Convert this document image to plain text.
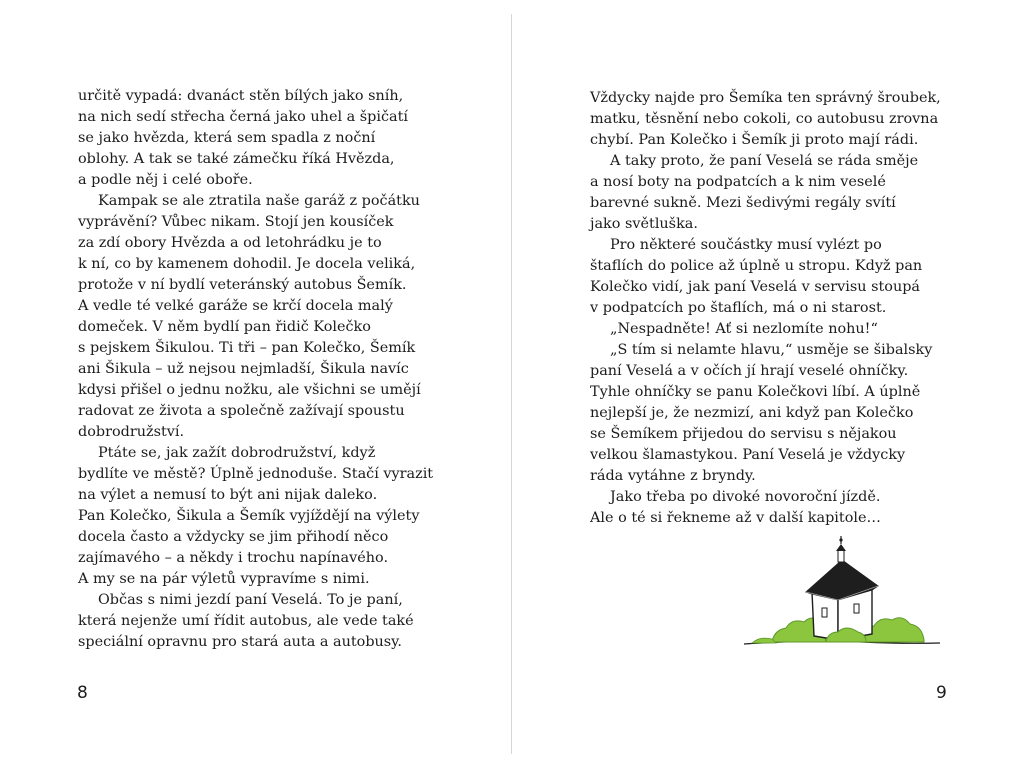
určitě vypadá: dvanáct stěn bílých jako sníh,
na nich sedí střecha černá jako uhel a špičatí
se jako hvězda, která sem spadla z noční
oblohy. A tak se také zámečku říká Hvězda,
a podle něj i celé oboře.
Kampak se ale ztratila naše garáž z počátku
vyprávění? Vůbec nikam. Stojí jen kousíček
za zdí obory Hvězda a od letohrádku je to
k ní, co by kamenem dohodil. Je docela veliká,
protože v ní bydlí veteránský autobus Šemík.
A vedle té velké garáže se krčí docela malý
domeček. V něm bydlí pan řidič Kolečko
s pejskem Šikulou. Ti tři – pan Kolečko, Šemík
ani Šikula – už nejsou nejmladší, Šikula navíc
kdysi přišel o jednu nožku, ale všichni se umějí
radovat ze života a společně zažívají spoustu
dobrodružství.
Ptáte se, jak zažít dobrodružství, když
bydlíte ve městě? Úplně jednoduše. Stačí vyrazit
na výlet a nemusí to být ani nijak daleko.
Pan Kolečko, Šikula a Šemík vyjíždějí na výlety
docela často a vždycky se jim přihodí něco
zajímavého – a někdy i trochu napínavého.
A my se na pár výletů vypravíme s nimi.
Občas s nimi jezdí paní Veselá. To je paní,
která nejenže umí řídit autobus, ale vede také
speciální opravnu pro stará auta a autobusy.
8
Vždycky najde pro Šemíka ten správný šroubek,
matku, těsnění nebo cokoli, co autobusu zrovna
chybí. Pan Kolečko i Šemík ji proto mají rádi.
A taky proto, že paní Veselá se ráda směje
a nosí boty na podpatcích a k nim veselé
barevné sukně. Mezi šedivými regály svítí
jako světluška.
Pro některé součástky musí vylézt po
štaflích do police až úplně u stropu. Když pan
Kolečko vidí, jak paní Veselá v servisu stoupá
v podpatcích po štaflích, má o ni starost.
„Nespadněte! Ať si nezlomíte nohu!“
„S tím si nelamte hlavu,“ usměje se šibalsky
paní Veselá a v očích jí hrají veselé ohníčky.
Tyhle ohníčky se panu Kolečkovi líbí. A úplně
nejlepší je, že nezmizí, ani když pan Kolečko
se Šemíkem přijedou do servisu s nějakou
velkou šlamastykou. Paní Veselá je vždycky
ráda vytáhne z bryndy.
Jako třeba po divoké novoroční jízdě.
Ale o té si řekneme až v další kapitole…
9
